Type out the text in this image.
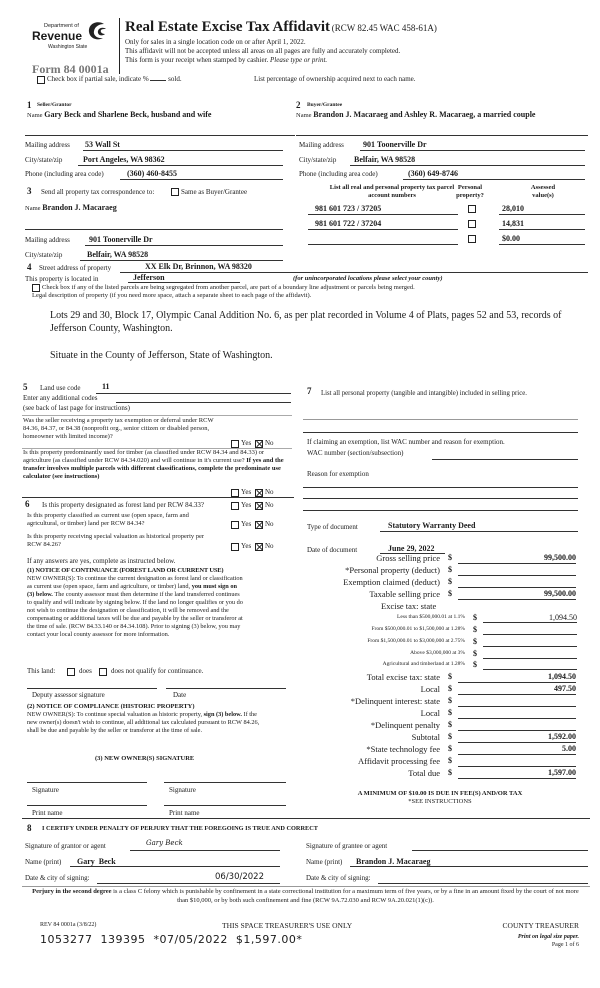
Department of
Revenue
Washington State
Form 84 0001a
Real Estate Excise Tax Affidavit (RCW 82.45 WAC 458-61A)
Only for sales in a single location code on or after April 1, 2022.
This affidavit will not be accepted unless all areas on all pages are fully and accurately completed.
This form is your receipt when stamped by cashier. Please type or print.
Check box if partial sale, indicate %	sold.	List percentage of ownership acquired next to each name.
1 Seller/Grantor
Name Gary Beck and Sharlene Beck, husband and wife
Mailing address 53 Wall St
City/state/zip	Port Angeles, WA 98362
Phone (including area code)	(360) 460-8455
3 Send all property tax correspondence to:	Same as Buyer/Grantee
Name Brandon J. Macaraeg
Mailing address 901 Toonerville Dr
City/state/zip	Belfair, WA 98528
2 Buyer/Grantee
Name Brandon J. Macaraeg and Ashley R. Macaraeg, a married couple
Mailing address 901 Toonerville Dr
City/state/zip Belfair, WA 98528
Phone (including area code)	(360) 649-8746
List all real and personal property tax parcel account numbers
Personal property?
Assessed value(s)
981 601 723 / 37205	28,010
981 601 722 / 37204	14,831
$0.00
4 Street address of property	XX Elk Dr, Brinnon, WA 98320
This property is located in	Jefferson	(for unincorporated locations please select your county)
Check box if any of the listed parcels are being segregated from another parcel, are part of a boundary line adjustment or parcels being merged.
Legal description of property (if you need more space, attach a separate sheet to each page of the affidavit).
Lots 29 and 30, Block 17, Olympic Canal Addition No. 6, as per plat recorded in Volume 4 of Plats, pages 52 and 53, records of Jefferson County, Washington.
Situate in the County of Jefferson, State of Washington.
5 Land use code	11
Enter any additional codes
(see back of last page for instructions)
Was the seller receiving a property tax exemption or deferral under RCW 84.36, 84.37, or 84.38 (nonprofit org., senior citizen or disabled person, homeowner with limited income)?
Yes No
Is this property predominantly used for timber (as classified under RCW 84.34 and 84.33) or agriculture (as classified under RCW 84.34.020) and will continue in it's current use? If yes and the transfer involves multiple parcels with different classifications, complete the predominate use calculator (see instructions)
Yes No
6 Is this property designated as forest land per RCW 84.33?	Yes No
Is this property classified as current use (open space, farm and agricultural, or timber) land per RCW 84.34?	Yes No
Is this property receiving special valuation as historical property per RCW 84.26?	Yes No
If any answers are yes, complete as instructed below.
(1) NOTICE OF CONTINUANCE (FOREST LAND OR CURRENT USE)
NEW OWNER(S): To continue the current designation as forest land or classification as current use (open space, farm and agriculture, or timber) land, you must sign on (3) below. The county assessor must then determine if the land transferred continues to qualify and will indicate by signing below. If the land no longer qualifies or you do not wish to continue the designation or classification, it will be removed and the compensating or additional taxes will be due and payable by the seller or transferor at the time of sale. (RCW 84.33.140 or 84.34.108). Prior to signing (3) below, you may contact your local county assessor for more information.
This land:	does	does not qualify for continuance.
Deputy assessor signature	Date
(2) NOTICE OF COMPLIANCE (HISTORIC PROPERTY)
NEW OWNER(S): To continue special valuation as historic property, sign (3) below. If the new owner(s) doesn't wish to continue, all additional tax calculated pursuant to RCW 84.26, shall be due and payable by the seller or transferor at the time of sale.
(3) NEW OWNER(S) SIGNATURE
Signature	Signature
Print name	Print name
7	List all personal property (tangible and intangible) included in selling price.
If claiming an exemption, list WAC number and reason for exemption.
WAC number (section/subsection)
Reason for exemption
Type of document	Statutory Warranty Deed
Date of document	June 29, 2022
Gross selling price $	99,500.00
*Personal property (deduct) $
Exemption claimed (deduct) $
Taxable selling price $	99,500.00
Excise tax: state
Less than $500,000.01 at 1.1% $	1,094.50
From $500,000.01 to $1,500,000 at 1.28% $
From $1,500,000.01 to $3,000,000 at 2.75% $
Above $3,000,000 at 3% $
Agricultural and timberland at 1.28% $
Total excise tax: state $	1,094.50
Local $	497.50
*Delinquent interest: state $
Local $
*Delinquent penalty $
Subtotal $	1,592.00
*State technology fee $	5.00
Affidavit processing fee $
Total due $	1,597.00
A MINIMUM OF $10.00 IS DUE IN FEE(S) AND/OR TAX
*SEE INSTRUCTIONS
8 I CERTIFY UNDER PENALTY OF PERJURY THAT THE FOREGOING IS TRUE AND CORRECT
Signature of grantor or agent	Gary Beck	Signature of grantee or agent
Name (print) Gary  Beck	Name (print) Brandon J. Macaraeg
Date & city of signing:	06/30/2022	Date & city of signing:
Perjury in the second degree is a class C felony which is punishable by confinement in a state correctional institution for a maximum term of five years, or by a fine in an amount fixed by the court of not more than $10,000, or by both such confinement and fine (RCW 9A.72.030 and RCW 9A.20.021(1)(c)).
REV 84 0001a (3/8/22)	THIS SPACE TREASURER'S USE ONLY	COUNTY TREASURER
1053277  139395  *07/05/2022  $1,597.00*	Print on legal size paper.
Page 1 of 6
